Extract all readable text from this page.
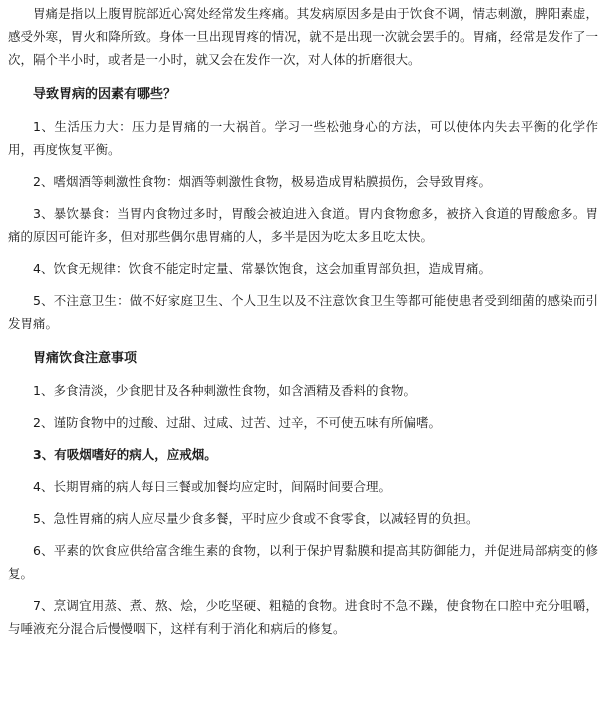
胃痛是指以上腹胃脘部近心窝处经常发生疼痛。其发病原因多是由于饮食不调，情志刺激，脾阳素虚，感受外寒，胃火和降所致。身体一旦出现胃疼的情况，就不是出现一次就会罢手的。胃痛，经常是发作了一次，隔个半小时，或者是一小时，就又会在发作一次，对人体的折磨很大。

导致胃病的因素有哪些？

1、生活压力大：压力是胃痛的一大祸首。学习一些松弛身心的方法，可以使体内失去平衡的化学作用，再度恢复平衡。

2、嗜烟酒等刺激性食物：烟酒等刺激性食物，极易造成胃粘膜损伤，会导致胃疼。

3、暴饮暴食：当胃内食物过多时，胃酸会被迫进入食道。胃内食物愈多，被挤入食道的胃酸愈多。胃痛的原因可能许多，但对那些偶尔患胃痛的人，多半是因为吃太多且吃太快。

4、饮食无规律：饮食不能定时定量、常暴饮饱食，这会加重胃部负担，造成胃痛。

5、不注意卫生：做不好家庭卫生、个人卫生以及不注意饮食卫生等都可能使患者受到细菌的感染而引发胃痛。

胃痛饮食注意事项

1、多食清淡，少食肥甘及各种刺激性食物，如含酒精及香料的食物。

2、谨防食物中的过酸、过甜、过咸、过苦、过辛，不可使五味有所偏嗜。

3、有吸烟嗜好的病人，应戒烟。

4、长期胃痛的病人每日三餐或加餐均应定时，间隔时间要合理。

5、急性胃痛的病人应尽量少食多餐，平时应少食或不食零食，以减轻胃的负担。

6、平素的饮食应供给富含维生素的食物，以利于保护胃黏膜和提高其防御能力，并促进局部病变的修复。

7、烹调宜用蒸、煮、熬、烩，少吃坚硬、粗糙的食物。进食时不急不躁，使食物在口腔中充分咀嚼，与唾液充分混合后慢慢咽下，这样有利于消化和病后的修复。
